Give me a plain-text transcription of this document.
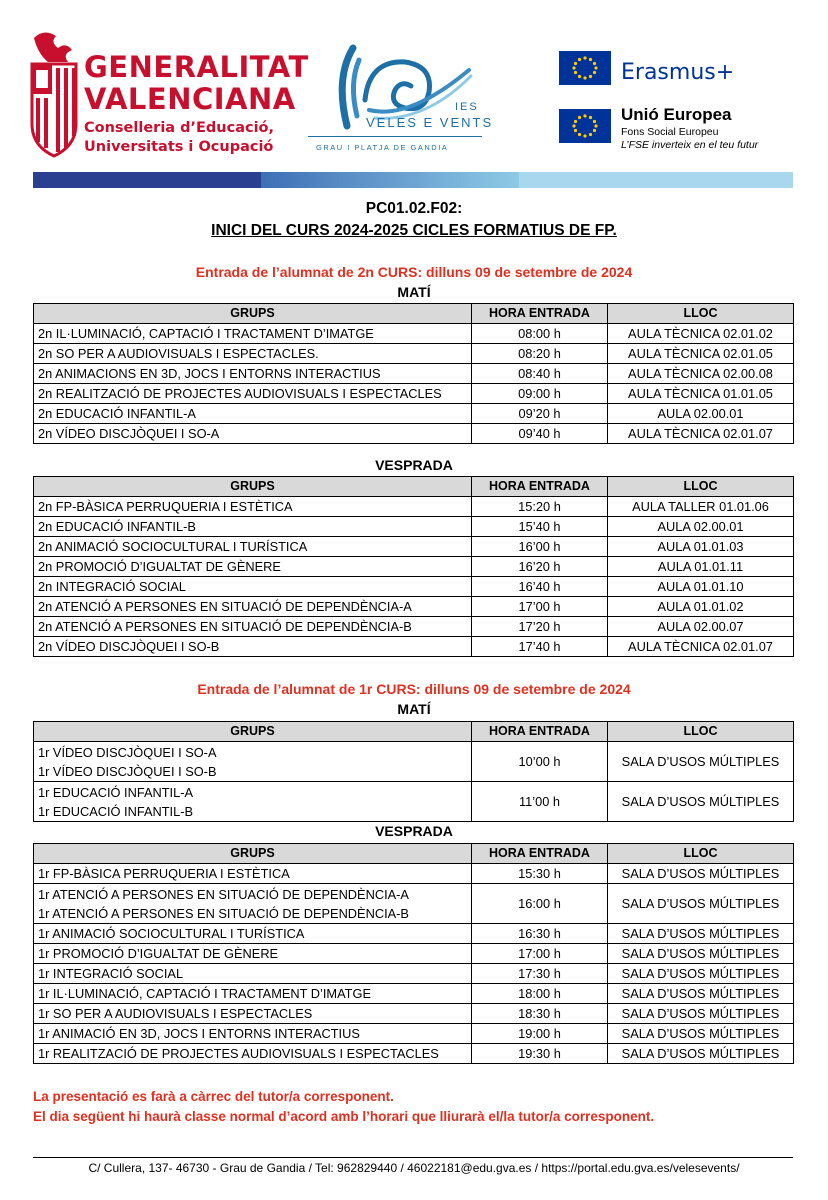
GENERALITAT
VALENCIANA
Conselleria d’Educació,
Universitats i Ocupació
IES
VELES E VENTS
GRAU I PLATJA DE GANDIA
Erasmus+
Unió Europea
Fons Social Europeu
L’FSE inverteix en el teu futur
PC01.02.F02:
INICI DEL CURS 2024-2025 CICLES FORMATIUS DE FP.
Entrada de l’alumnat de 2n CURS: dilluns 09 de setembre de 2024
MATÍ
GRUPS	HORA ENTRADA	LLOC
2n IL·LUMINACIÓ, CAPTACIÓ I TRACTAMENT D’IMATGE	08:00 h	AULA TÈCNICA 02.01.02
2n SO PER A AUDIOVISUALS I ESPECTACLES.	08:20 h	AULA TÈCNICA 02.01.05
2n ANIMACIONS EN 3D, JOCS I ENTORNS INTERACTIUS	08:40 h	AULA TÈCNICA 02.00.08
2n REALITZACIÓ DE PROJECTES AUDIOVISUALS I ESPECTACLES	09:00 h	AULA TÈCNICA 01.01.05
2n EDUCACIÓ INFANTIL-A	09’20 h	AULA 02.00.01
2n VÍDEO DISCJÒQUEI I SO-A	09’40 h	AULA TÈCNICA 02.01.07
VESPRADA
GRUPS	HORA ENTRADA	LLOC
2n FP-BÀSICA PERRUQUERIA I ESTÈTICA	15:20 h	AULA TALLER 01.01.06
2n EDUCACIÓ INFANTIL-B	15’40 h	AULA 02.00.01
2n ANIMACIÓ SOCIOCULTURAL I TURÍSTICA	16’00 h	AULA 01.01.03
2n PROMOCIÓ D’IGUALTAT DE GÈNERE	16’20 h	AULA 01.01.11
2n INTEGRACIÓ SOCIAL	16’40 h	AULA 01.01.10
2n ATENCIÓ A PERSONES EN SITUACIÓ DE DEPENDÈNCIA-A	17’00 h	AULA 01.01.02
2n ATENCIÓ A PERSONES EN SITUACIÓ DE DEPENDÈNCIA-B	17’20 h	AULA 02.00.07
2n VÍDEO DISCJÒQUEI I SO-B	17’40 h	AULA TÈCNICA 02.01.07
Entrada de l’alumnat de 1r CURS: dilluns 09 de setembre de 2024
MATÍ
GRUPS	HORA ENTRADA	LLOC

1r VÍDEO DISCJÒQUEI I SO-A
1r VÍDEO DISCJÒQUEI I SO-B	10’00 h	SALA D’USOS MÚLTIPLES

1r EDUCACIÓ INFANTIL-A
1r EDUCACIÓ INFANTIL-B	11’00 h	SALA D’USOS MÚLTIPLES
VESPRADA
GRUPS	HORA ENTRADA	LLOC
1r FP-BÀSICA PERRUQUERIA I ESTÈTICA	15:30 h	SALA D’USOS MÚLTIPLES

1r ATENCIÓ A PERSONES EN SITUACIÓ DE DEPENDÈNCIA-A
1r ATENCIÓ A PERSONES EN SITUACIÓ DE DEPENDÈNCIA-B	16:00 h	SALA D’USOS MÚLTIPLES
1r ANIMACIÓ SOCIOCULTURAL I TURÍSTICA	16:30 h	SALA D’USOS MÚLTIPLES
1r PROMOCIÓ D’IGUALTAT DE GÈNERE	17:00 h	SALA D’USOS MÚLTIPLES
1r INTEGRACIÓ SOCIAL	17:30 h	SALA D’USOS MÚLTIPLES
1r IL·LUMINACIÓ, CAPTACIÓ I TRACTAMENT D’IMATGE	18:00 h	SALA D’USOS MÚLTIPLES
1r SO PER A AUDIOVISUALS I ESPECTACLES	18:30 h	SALA D’USOS MÚLTIPLES
1r ANIMACIÓ EN 3D, JOCS I ENTORNS INTERACTIUS	19:00 h	SALA D’USOS MÚLTIPLES
1r REALITZACIÓ DE PROJECTES AUDIOVISUALS I ESPECTACLES	19:30 h	SALA D’USOS MÚLTIPLES
La presentació es farà a càrrec del tutor/a corresponent.
El dia següent hi haurà classe normal d’acord amb l’horari que lliurarà el/la tutor/a corresponent.
C/ Cullera, 137- 46730 - Grau de Gandia / Tel: 962829440 / 46022181@edu.gva.es / https://portal.edu.gva.es/velesevents/
